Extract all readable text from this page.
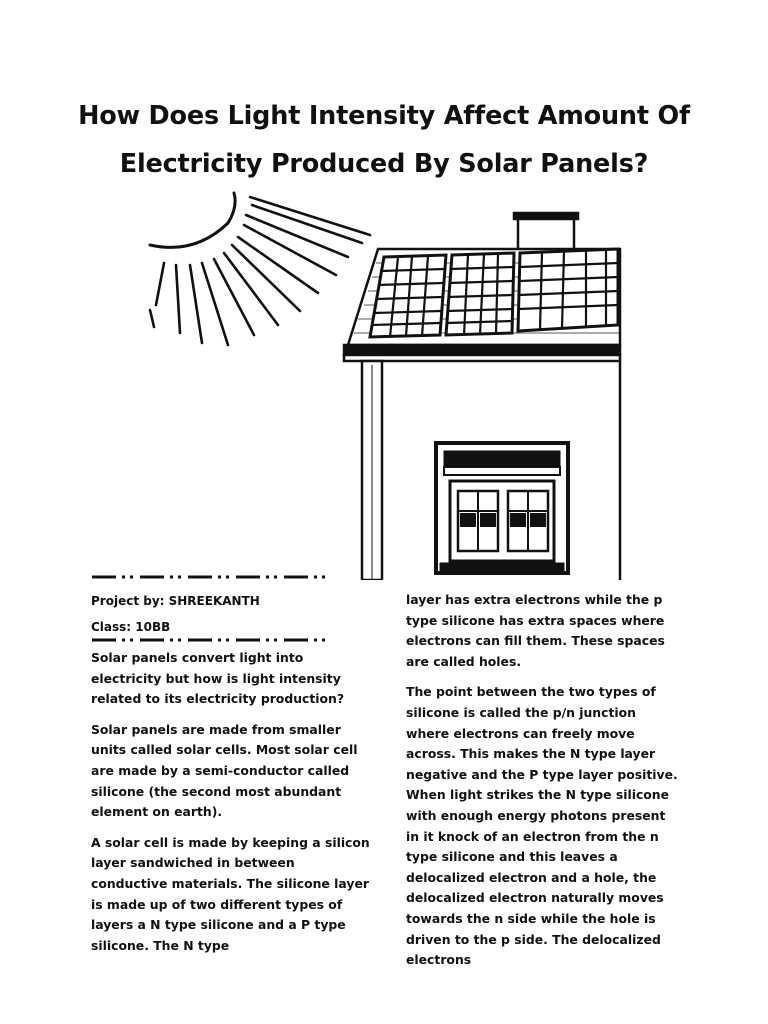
How Does Light Intensity Affect Amount Of
Electricity Produced By Solar Panels?
Project by: SHREEKANTH
Class: 10BB

Solar panels convert light into electricity but how is light intensity related to its electricity production?

Solar panels are made from smaller units called solar cells. Most solar cell are made by a semi-conductor called silicone (the second most abundant element on earth).

A solar cell is made by keeping a silicon layer sandwiched in between conductive materials. The silicone layer is made up of two different types of layers a N type silicone and a P type silicone. The N type

layer has extra electrons while the p type silicone has extra spaces where electrons can fill them. These spaces are called holes.

The point between the two types of silicone is called the p/n junction where electrons can freely move across. This makes the N type layer negative and the P type layer positive. When light strikes the N type silicone with enough energy photons present in it knock of an electron from the n type silicone and this leaves a delocalized electron and a hole, the delocalized electron naturally moves towards the n side while the hole is driven to the p side. The delocalized electrons
